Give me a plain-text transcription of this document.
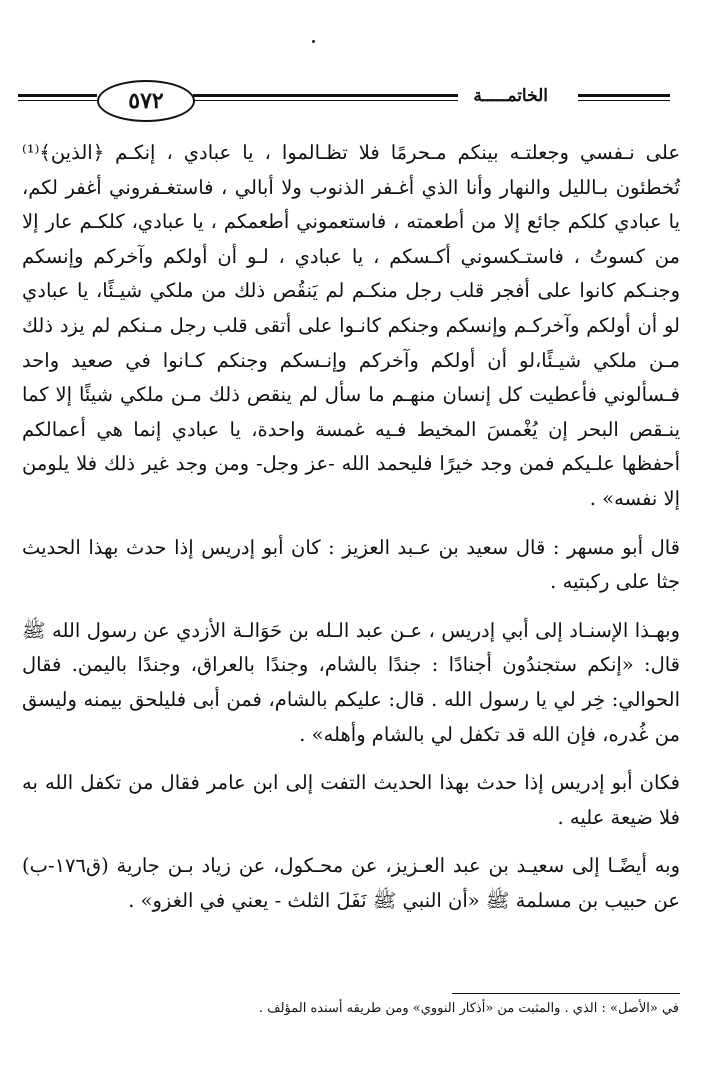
٥٧٢	الخاتمـــــة

على نـفسي وجعلتـه بينكم مـحرمًا فلا تظـالموا ، يا عبادي ، إنكـم ﴿الذين﴾⁽¹⁾ تُخطئون بـالليل والنهار وأنا الذي أغـفر الذنوب ولا أبالي ، فاستغـفروني أغفر لكم، يا عبادي كلكم جائع إلا من أطعمته ، فاستعموني أطعمكم ، يا عبادي، كلكـم عار إلا من كسوتُ ، فاستـكسوني أكـسكم ، يا عبادي ، لـو أن أولكم وآخركم وإنسكم وجنـكم كانوا على أفجر قلب رجل منكـم لم يَنقُص ذلك من ملكي شيـئًا، يا عبادي لو أن أولكم وآخركـم وإنسكم وجنكم كانـوا على أتقى قلب رجل مـنكم لم يزد ذلك مـن ملكي شيـئًا،لو أن أولكم وآخركم وإنـسكم وجنكم كـانوا في صعيد واحد فـسألوني فأعطيت كل إنسان منهـم ما سأل لم ينقص ذلك مـن ملكي شيئًا إلا كما ينـقص البحر إن يُغْمسَ المخيط فـيه غمسة واحدة، يا عبادي إنما هي أعمالكم أحفظها علـيكم فمن وجد خيرًا فليحمد الله -عز وجل- ومن وجد غير ذلك فلا يلومن إلا نفسه» .

قال أبو مسهر : قال سعيد بن عـبد العزيز : كان أبو إدريس إذا حدث بهذا الحديث جثا على ركبتيه .

وبهـذا الإسنـاد إلى أبي إدريس ، عـن عبد الـله بن حَوَالـة الأزدي عن رسول الله ﷺ قال: «إنكم ستجندُون أجنادًا : جندًا بالشام، وجندًا بالعراق، وجندًا باليمن. فقال الحوالي: خِر لي يا رسول الله . قال: عليكم بالشام، فمن أبى فليلحق بيمنه وليسق من غُدره، فإن الله قد تكفل لي بالشام وأهله» .

فكان أبو إدريس إذا حدث بهذا الحديث التفت إلى ابن عامر فقال من تكفل الله به فلا ضيعة عليه .

وبه أيضًـا إلى سعيـد بن عبد العـزيز، عن محـكول، عن زياد بـن جارية (ق١٧٦-ب) عن حبيب بن مسلمة ﷺ «أن النبي ﷺ نَفَلَ الثلث - يعني في الغزو» .

في «الأصل» : الذي . والمثبت من «أذكار النووي» ومن طريقه أسنده المؤلف .
